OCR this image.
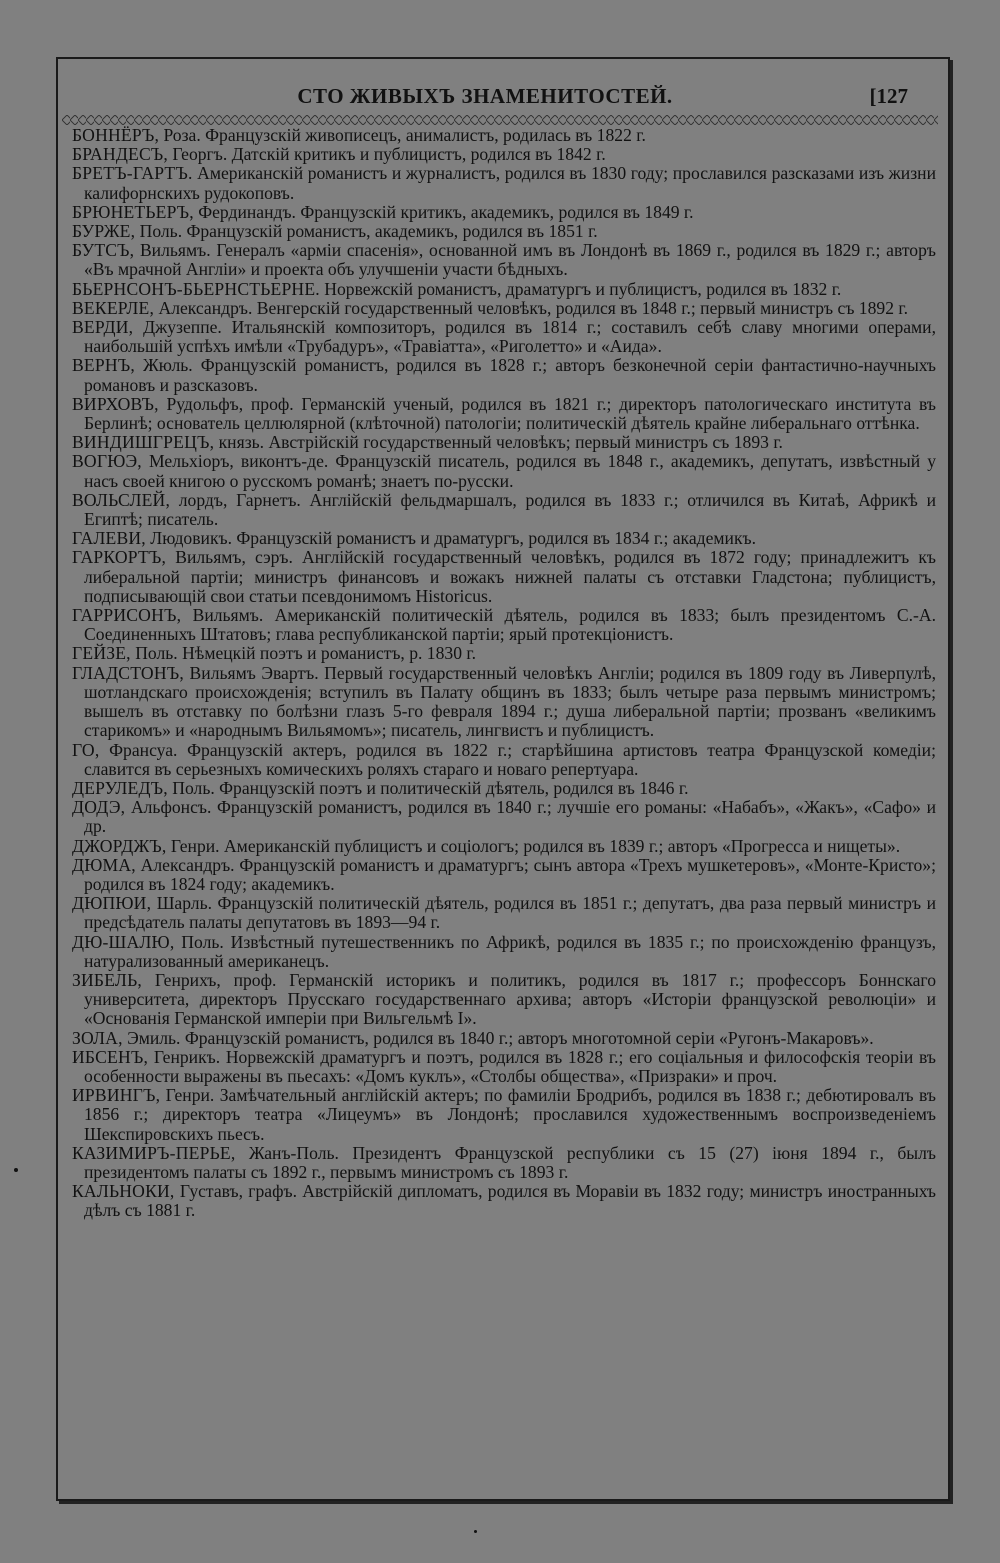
СТО ЖИВЫХЪ ЗНАМЕНИТОСТЕЙ.	[127

БОННЁРЪ, Роза. Французскій живописецъ, анималистъ, родилась въ 1822 г.

БРАНДЕСЪ, Георгъ. Датскій критикъ и публицистъ, родился въ 1842 г.

БРЕТЪ-ГАРТЪ. Американскій романистъ и журналистъ, родился въ 1830 году; прославился разсказами изъ жизни калифорнскихъ рудокоповъ.

БРЮНЕТЬЕРЪ, Фердинандъ. Французскій критикъ, академикъ, родился въ 1849 г.

БУРЖЕ, Поль. Французскій романистъ, академикъ, родился въ 1851 г.

БУТСЪ, Вильямъ. Генералъ «арміи спасенія», основанной имъ въ Лондонѣ въ 1869 г., родился въ 1829 г.; авторъ «Въ мрачной Англіи» и проекта объ улучшеніи участи бѣдныхъ.

БЬЕРНСОНЪ-БЬЕРНСТЬЕРНЕ. Норвежскій романистъ, драматургъ и публицистъ, родился въ 1832 г.

ВЕКЕРЛЕ, Александръ. Венгерскій государственный человѣкъ, родился въ 1848 г.; первый министръ съ 1892 г.

ВЕРДИ, Джузеппе. Итальянскій композиторъ, родился въ 1814 г.; составилъ себѣ славу многими операми, наибольшій успѣхъ имѣли «Трубадуръ», «Травіатта», «Риголетто» и «Аида».

ВЕРНЪ, Жюль. Французскій романистъ, родился въ 1828 г.; авторъ безконечной серіи фантастично-научныхъ романовъ и разсказовъ.

ВИРХОВЪ, Рудольфъ, проф. Германскій ученый, родился въ 1821 г.; директоръ патологическаго института въ Берлинѣ; основатель целлюлярной (клѣточной) патологіи; политическій дѣятель крайне либеральнаго оттѣнка.

ВИНДИШГРЕЦЪ, князь. Австрійскій государственный человѣкъ; первый министръ съ 1893 г.

ВОГЮЭ, Мельхіоръ, виконтъ-де. Французскій писатель, родился въ 1848 г., академикъ, депутатъ, извѣстный у насъ своей книгою о русскомъ романѣ; знаетъ по-русски.

ВОЛЬСЛЕЙ, лордъ, Гарнетъ. Англійскій фельдмаршалъ, родился въ 1833 г.; отличился въ Китаѣ, Африкѣ и Египтѣ; писатель.

ГАЛЕВИ, Людовикъ. Французскій романистъ и драматургъ, родился въ 1834 г.; академикъ.

ГАРКОРТЪ, Вильямъ, сэръ. Англійскій государственный человѣкъ, родился въ 1872 году; принадлежитъ къ либеральной партіи; министръ финансовъ и вожакъ нижней палаты съ отставки Гладстона; публицистъ, подписывающій свои статьи псевдонимомъ Historicus.

ГАРРИСОНЪ, Вильямъ. Американскій политическій дѣятель, родился въ 1833; былъ президентомъ С.-А. Соединенныхъ Штатовъ; глава республиканской партіи; ярый протекціонистъ.

ГЕЙЗЕ, Поль. Нѣмецкій поэтъ и романистъ, р. 1830 г.

ГЛАДСТОНЪ, Вильямъ Эвартъ. Первый государственный человѣкъ Англіи; родился въ 1809 году въ Ливерпулѣ, шотландскаго происхожденія; вступилъ въ Палату общинъ въ 1833; былъ четыре раза первымъ министромъ; вышелъ въ отставку по болѣзни глазъ 5-го февраля 1894 г.; душа либеральной партіи; прозванъ «великимъ старикомъ» и «народнымъ Вильямомъ»; писатель, лингвистъ и публицистъ.

ГО, Франсуа. Французскій актеръ, родился въ 1822 г.; старѣйшина артистовъ театра Французской комедіи; славится въ серьезныхъ комическихъ роляхъ стараго и новаго репертуара.

ДЕРУЛЕДЪ, Поль. Французскій поэтъ и политическій дѣятель, родился въ 1846 г.

ДОДЭ, Альфонсъ. Французскій романистъ, родился въ 1840 г.; лучшіе его романы: «Набабъ», «Жакъ», «Сафо» и др.

ДЖОРДЖЪ, Генри. Американскій публицистъ и соціологъ; родился въ 1839 г.; авторъ «Прогресса и нищеты».

ДЮМА, Александръ. Французскій романистъ и драматургъ; сынъ автора «Трехъ мушкетеровъ», «Монте-Кристо»; родился въ 1824 году; академикъ.

ДЮПЮИ, Шарль. Французскій политическій дѣятель, родился въ 1851 г.; депутатъ, два раза первый министръ и предсѣдатель палаты депутатовъ въ 1893—94 г.

ДЮ-ШАЛЮ, Поль. Извѣстный путешественникъ по Африкѣ, родился въ 1835 г.; по происхожденію французъ, натурализованный американецъ.

ЗИБЕЛЬ, Генрихъ, проф. Германскій историкъ и политикъ, родился въ 1817 г.; профессоръ Боннскаго университета, директоръ Прусскаго государственнаго архива; авторъ «Исторіи французской революціи» и «Основанія Германской имперіи при Вильгельмѣ I».

ЗОЛА, Эмиль. Французскій романистъ, родился въ 1840 г.; авторъ многотомной серіи «Ругонъ-Макаровъ».

ИБСЕНЪ, Генрикъ. Норвежскій драматургъ и поэтъ, родился въ 1828 г.; его соціальныя и философскія теоріи въ особенности выражены въ пьесахъ: «Домъ куклъ», «Столбы общества», «Призраки» и проч.

ИРВИНГЪ, Генри. Замѣчательный англійскій актеръ; по фамиліи Бродрибъ, родился въ 1838 г.; дебютировалъ въ 1856 г.; директоръ театра «Лицеумъ» въ Лондонѣ; прославился художественнымъ воспроизведеніемъ Шекспировскихъ пьесъ.

КАЗИМИРЪ-ПЕРЬЕ, Жанъ-Поль. Президентъ Французской республики съ 15 (27) іюня 1894 г., былъ президентомъ палаты съ 1892 г., первымъ министромъ съ 1893 г.

КАЛЬНОКИ, Густавъ, графъ. Австрійскій дипломатъ, родился въ Моравіи въ 1832 году; министръ иностранныхъ дѣлъ съ 1881 г.
